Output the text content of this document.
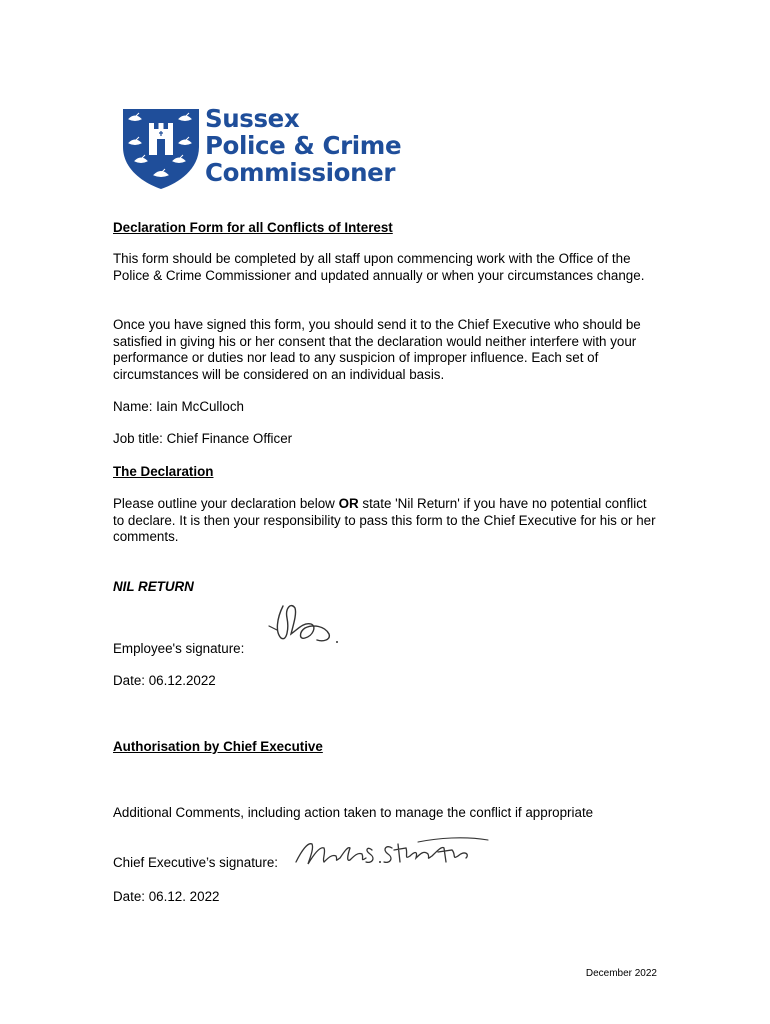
Sussex
Police & Crime
Commissioner
Declaration Form for all Conflicts of Interest
This form should be completed by all staff upon commencing work with the Office of the Police & Crime Commissioner and updated annually or when your circumstances change.
Once you have signed this form, you should send it to the Chief Executive who should be satisfied in giving his or her consent that the declaration would neither interfere with your performance or duties nor lead to any suspicion of improper influence. Each set of circumstances will be considered on an individual basis.
Name: Iain McCulloch
Job title: Chief Finance Officer
The Declaration
Please outline your declaration below OR state 'Nil Return' if you have no potential conflict to declare. It is then your responsibility to pass this form to the Chief Executive for his or her comments.
NIL RETURN
Employee's signature:
Date: 06.12.2022
Authorisation by Chief Executive
Additional Comments, including action taken to manage the conflict if appropriate
Chief Executive’s signature:
Date: 06.12. 2022
December 2022
